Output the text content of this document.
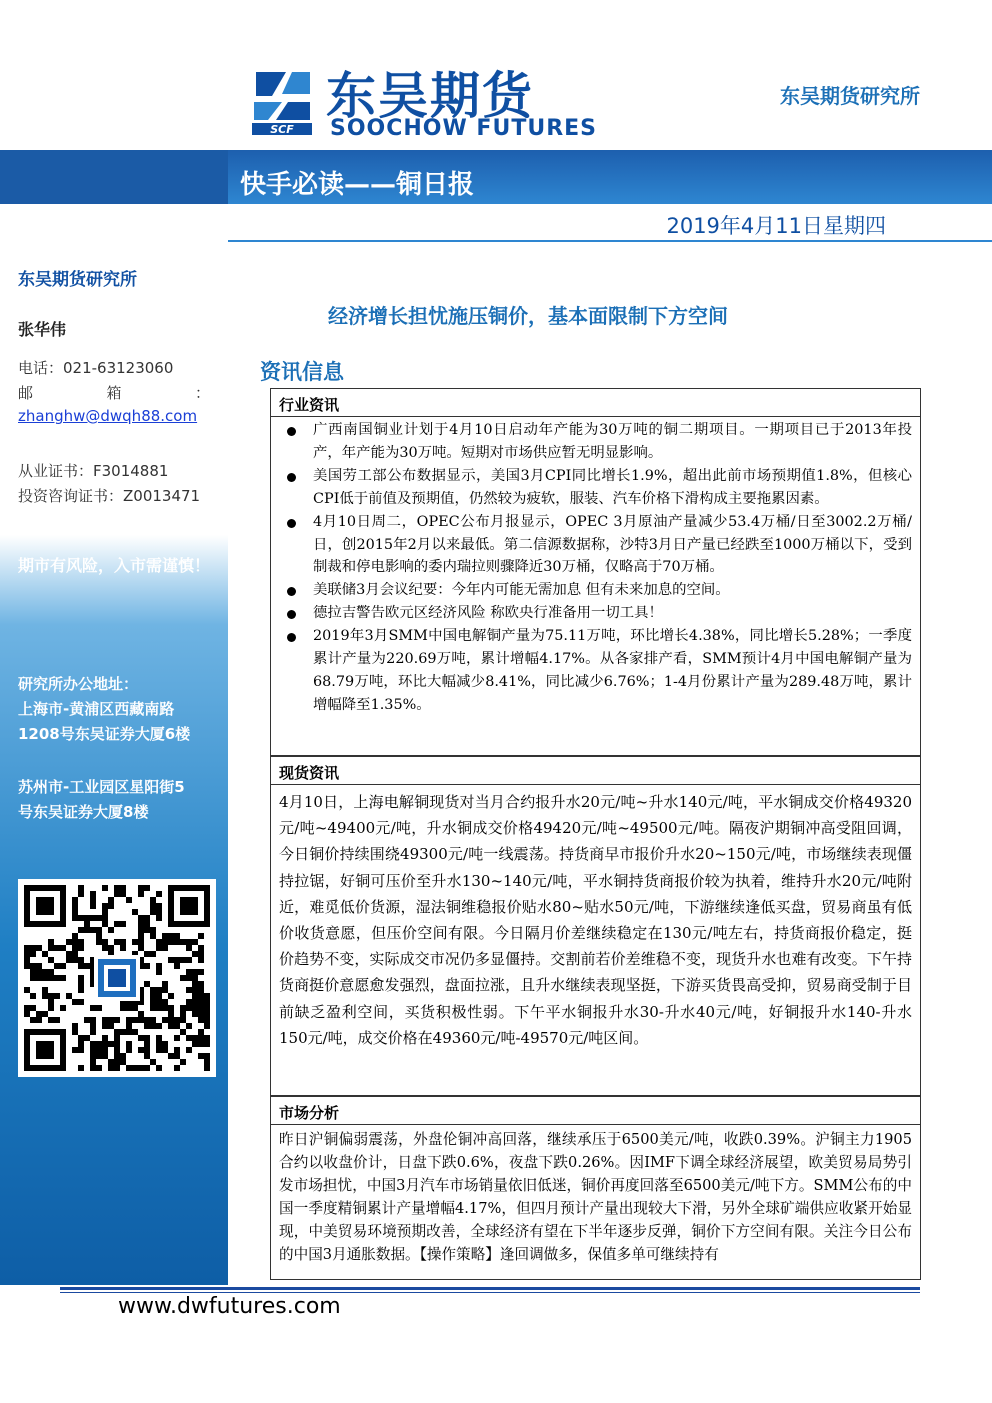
SCF
东吴期货
SOOCHOW FUTURES
东吴期货研究所
快手必读——铜日报
2019年4月11日星期四
东吴期货研究所
张华伟
电话：021-63123060
邮	箱	：
zhanghw@dwqh88.com
从业证书：F3014881
投资咨询证书：Z0013471
期市有风险，入市需谨慎！
研究所办公地址：
上海市-黄浦区西藏南路
1208号东吴证券大厦6楼
苏州市-工业园区星阳街5
号东吴证券大厦8楼
经济增长担忧施压铜价，基本面限制下方空间
资讯信息
行业资讯
广西南国铜业计划于4月10日启动年产能为30万吨的铜二期项目。一期项目已于2013年投产，年产能为30万吨。短期对市场供应暂无明显影响。
美国劳工部公布数据显示，美国3月CPI同比增长1.9%，超出此前市场预期值1.8%，但核心CPI低于前值及预期值，仍然较为疲软，服装、汽车价格下滑构成主要拖累因素。
4月10日周二，OPEC公布月报显示，OPEC 3月原油产量减少53.4万桶/日至3002.2万桶/日，创2015年2月以来最低。第二信源数据称，沙特3月日产量已经跌至1000万桶以下，受到制裁和停电影响的委内瑞拉则骤降近30万桶，仅略高于70万桶。
美联储3月会议纪要：今年内可能无需加息 但有未来加息的空间。
德拉吉警告欧元区经济风险 称欧央行准备用一切工具！
2019年3月SMM中国电解铜产量为75.11万吨，环比增长4.38%，同比增长5.28%；一季度累计产量为220.69万吨，累计增幅4.17%。从各家排产看，SMM预计4月中国电解铜产量为68.79万吨，环比大幅减少8.41%，同比减少6.76%；1-4月份累计产量为289.48万吨，累计增幅降至1.35%。
现货资讯

4月10日，上海电解铜现货对当月合约报升水20元/吨~升水140元/吨，平水铜成交价格49320元/吨~49400元/吨，升水铜成交价格49420元/吨~49500元/吨。隔夜沪期铜冲高受阻回调，今日铜价持续围绕49300元/吨一线震荡。持货商早市报价升水20~150元/吨，市场继续表现僵持拉锯，好铜可压价至升水130~140元/吨，平水铜持货商报价较为执着，维持升水20元/吨附近，难觅低价货源，湿法铜维稳报价贴水80~贴水50元/吨，下游继续逢低买盘，贸易商虽有低价收货意愿，但压价空间有限。今日隔月价差继续稳定在130元/吨左右，持货商报价稳定，挺价趋势不变，实际成交市况仍多显僵持。交割前若价差维稳不变，现货升水也难有改变。下午持货商挺价意愿愈发强烈，盘面拉涨，且升水继续表现坚挺，下游买货畏高受抑，贸易商受制于目前缺乏盈利空间，买货积极性弱。下午平水铜报升水30-升水40元/吨，好铜报升水140-升水150元/吨，成交价格在49360元/吨-49570元/吨区间。

市场分析

昨日沪铜偏弱震荡，外盘伦铜冲高回落，继续承压于6500美元/吨，收跌0.39%。沪铜主力1905合约以收盘价计，日盘下跌0.6%，夜盘下跌0.26%。因IMF下调全球经济展望，欧美贸易局势引发市场担忧，中国3月汽车市场销量依旧低迷，铜价再度回落至6500美元/吨下方。SMM公布的中国一季度精铜累计产量增幅4.17%，但四月预计产量出现较大下滑，另外全球矿端供应收紧开始显现，中美贸易环境预期改善，全球经济有望在下半年逐步反弹，铜价下方空间有限。关注今日公布的中国3月通胀数据。【操作策略】逢回调做多，保值多单可继续持有

www.dwfutures.com
